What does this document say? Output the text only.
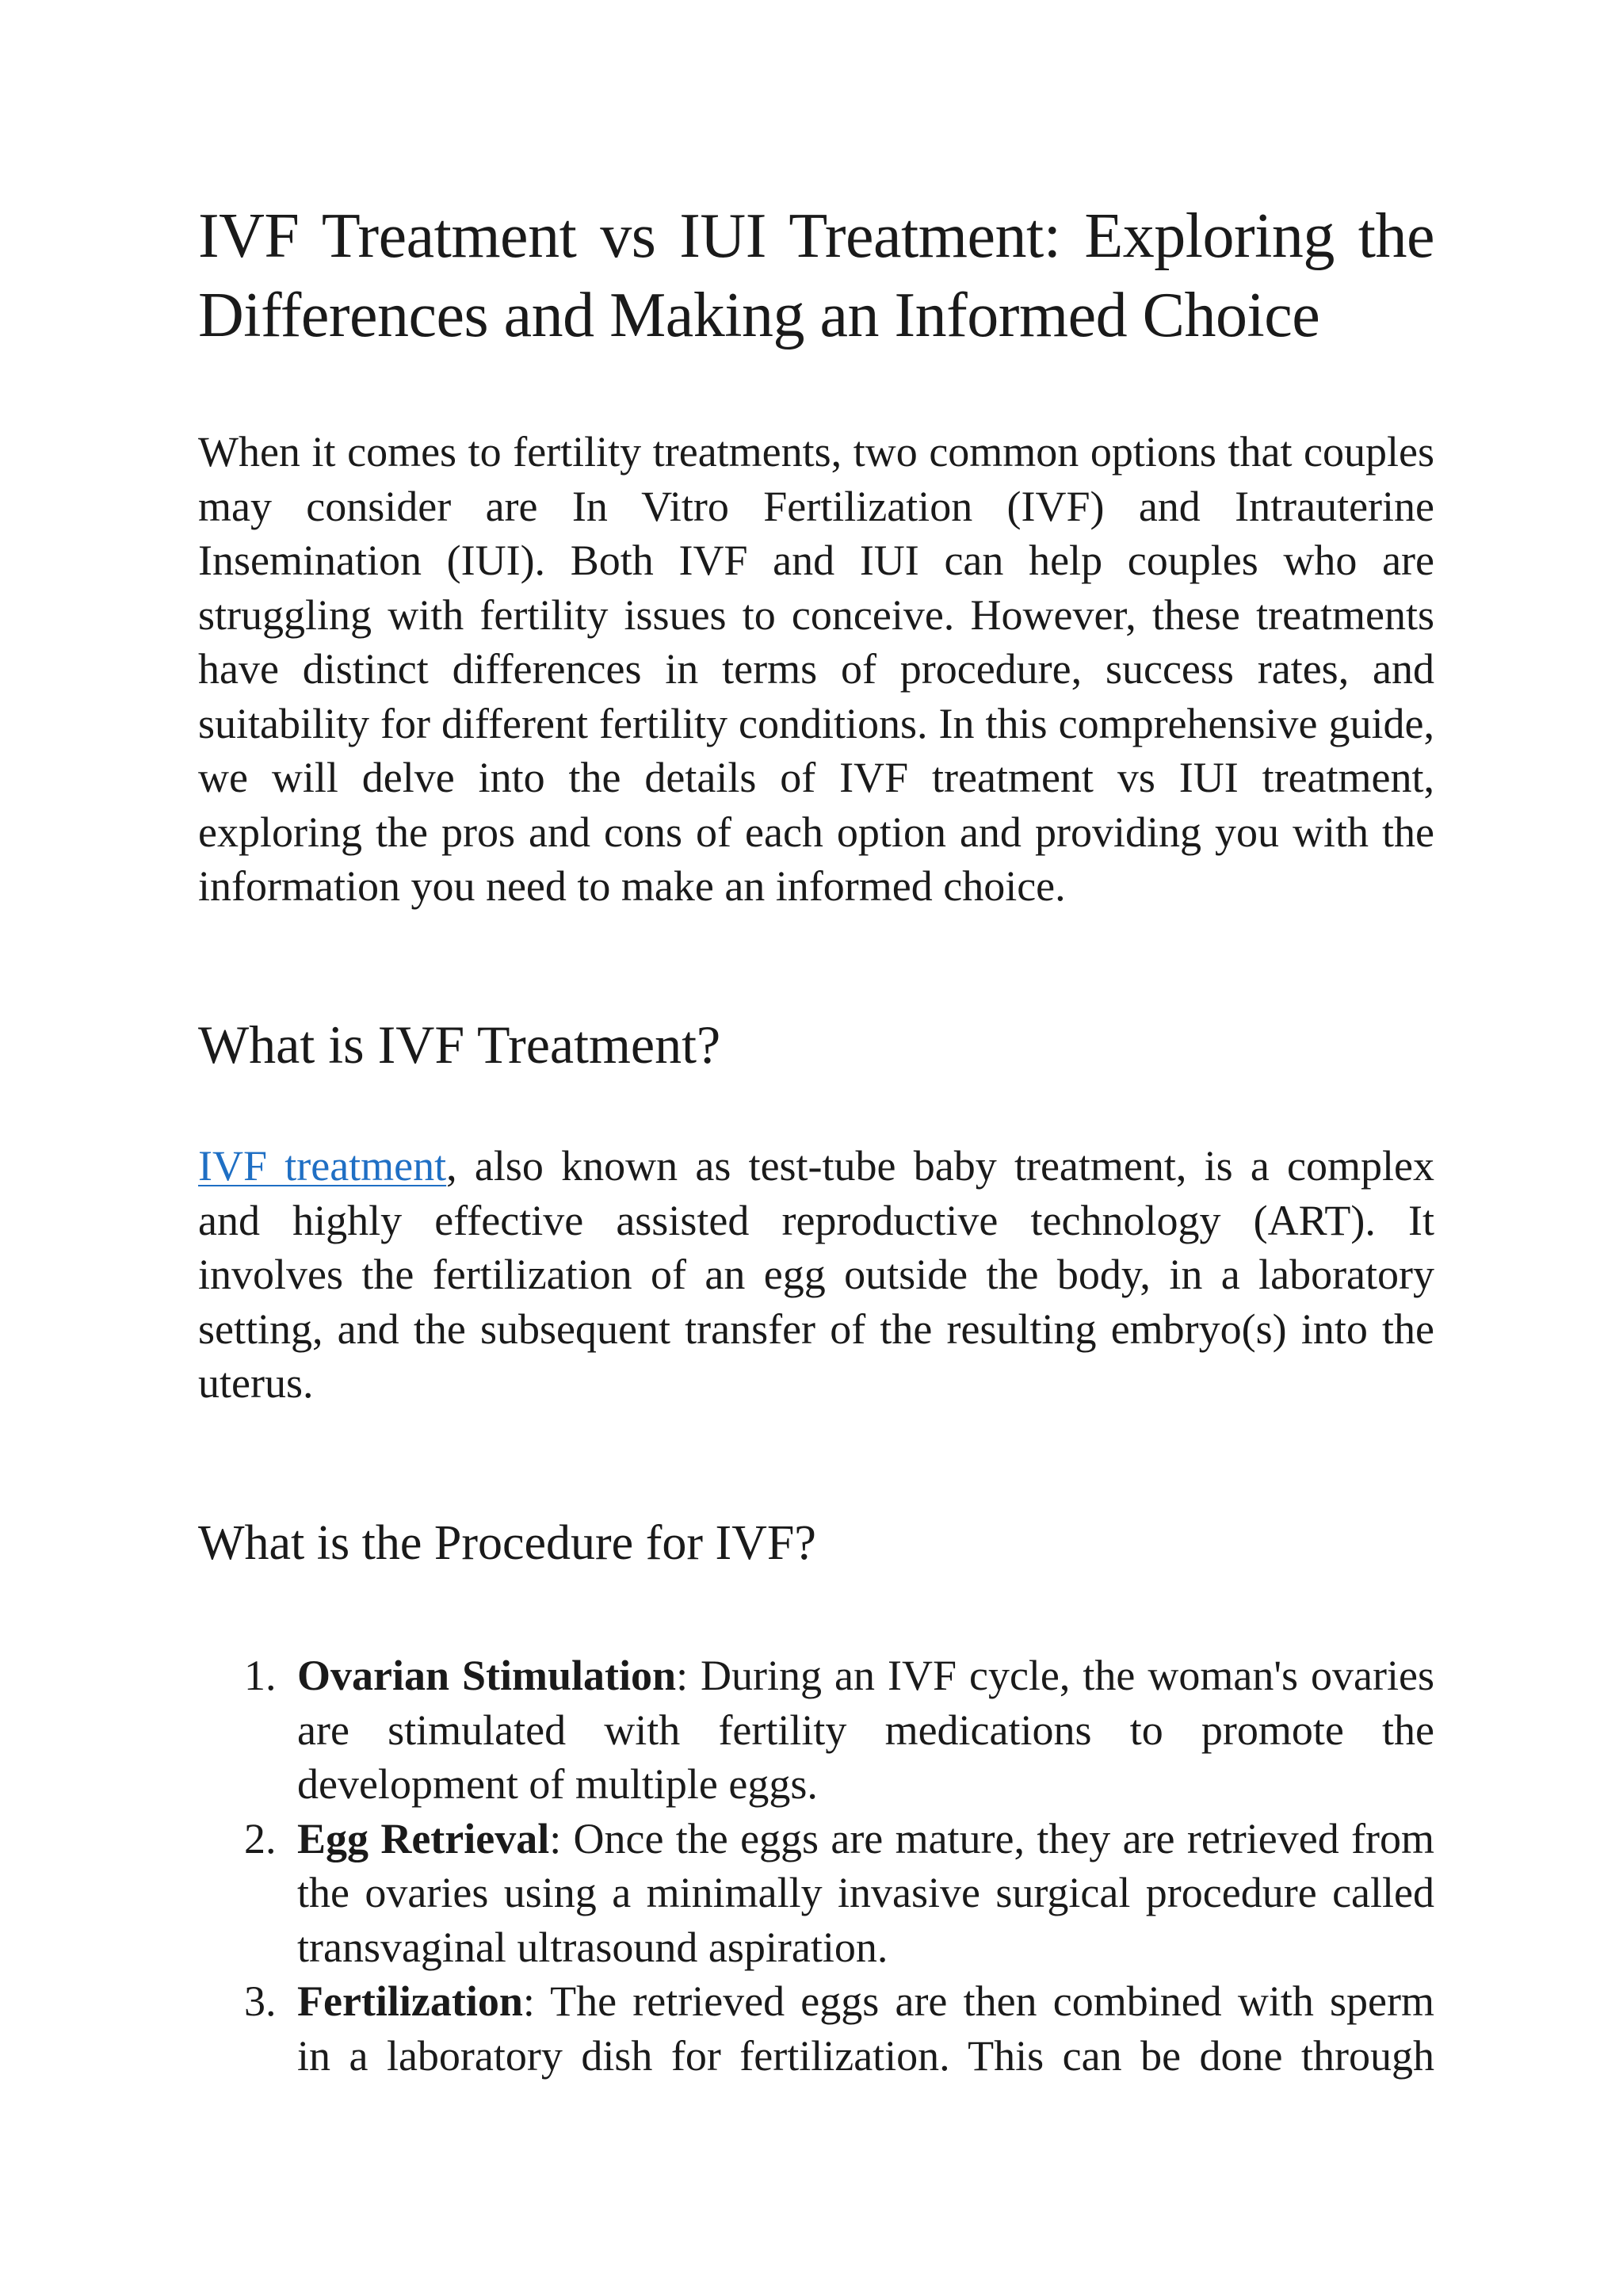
IVF Treatment vs IUI Treatment: Exploring the Differences and Making an Informed Choice

When it comes to fertility treatments, two common options that couples may consider are In Vitro Fertilization (IVF) and Intrauterine Insemination (IUI). Both IVF and IUI can help couples who are struggling with fertility issues to conceive. However, these treatments have distinct differences in terms of procedure, success rates, and suitability for different fertility conditions. In this comprehensive guide, we will delve into the details of IVF treatment vs IUI treatment, exploring the pros and cons of each option and providing you with the information you need to make an informed choice.

What is IVF Treatment?

IVF treatment, also known as test-tube baby treatment, is a complex and highly effective assisted reproductive technology (ART). It involves the fertilization of an egg outside the body, in a laboratory setting, and the subsequent transfer of the resulting embryo(s) into the uterus.

What is the Procedure for IVF?
1. Ovarian Stimulation: During an IVF cycle, the woman's ovaries are stimulated with fertility medications to promote the development of multiple eggs.
2. Egg Retrieval: Once the eggs are mature, they are retrieved from the ovaries using a minimally invasive surgical procedure called transvaginal ultrasound aspiration.
3. Fertilization: The retrieved eggs are then combined with sperm in a laboratory dish for fertilization. This can be done through
